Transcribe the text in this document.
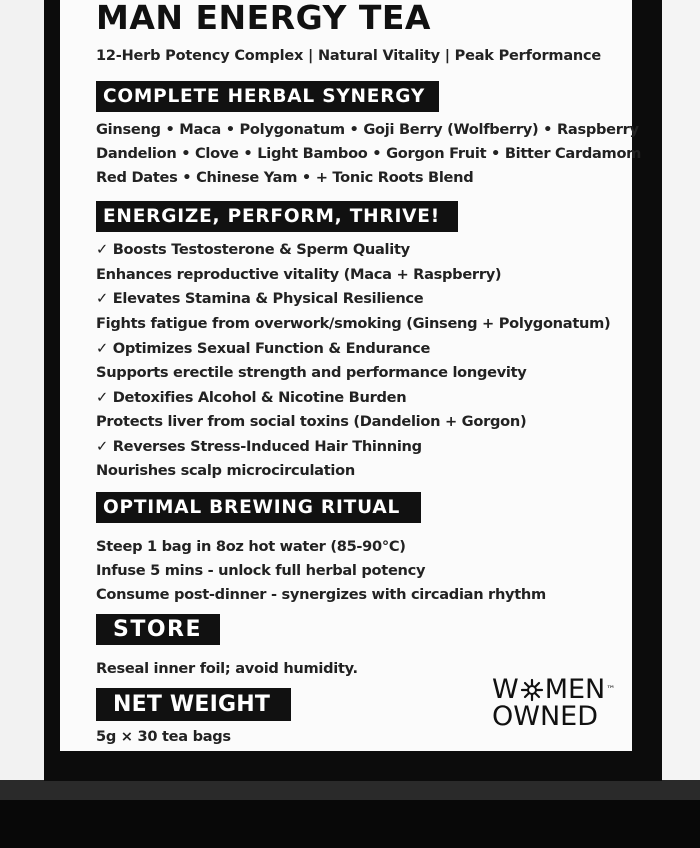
MAN ENERGY TEA
12-Herb Potency Complex | Natural Vitality | Peak Performance
COMPLETE HERBAL SYNERGY
Ginseng • Maca • Polygonatum • Goji Berry (Wolfberry) • Raspberry
Dandelion • Clove • Light Bamboo • Gorgon Fruit • Bitter Cardamom
Red Dates • Chinese Yam • + Tonic Roots Blend
ENERGIZE, PERFORM, THRIVE!
✓ Boosts Testosterone & Sperm Quality
Enhances reproductive vitality (Maca + Raspberry)
✓ Elevates Stamina & Physical Resilience
Fights fatigue from overwork/smoking (Ginseng + Polygonatum)
✓ Optimizes Sexual Function & Endurance
Supports erectile strength and performance longevity
✓ Detoxifies Alcohol & Nicotine Burden
Protects liver from social toxins (Dandelion + Gorgon)
✓ Reverses Stress-Induced Hair Thinning
Nourishes scalp microcirculation
OPTIMAL BREWING RITUAL
Steep 1 bag in 8oz hot water (85-90°C)
Infuse 5 mins - unlock full herbal potency
Consume post-dinner - synergizes with circadian rhythm
STORE
Reseal inner foil; avoid humidity.
NET WEIGHT
5g × 30 tea bags
W MEN ™
OWNED
